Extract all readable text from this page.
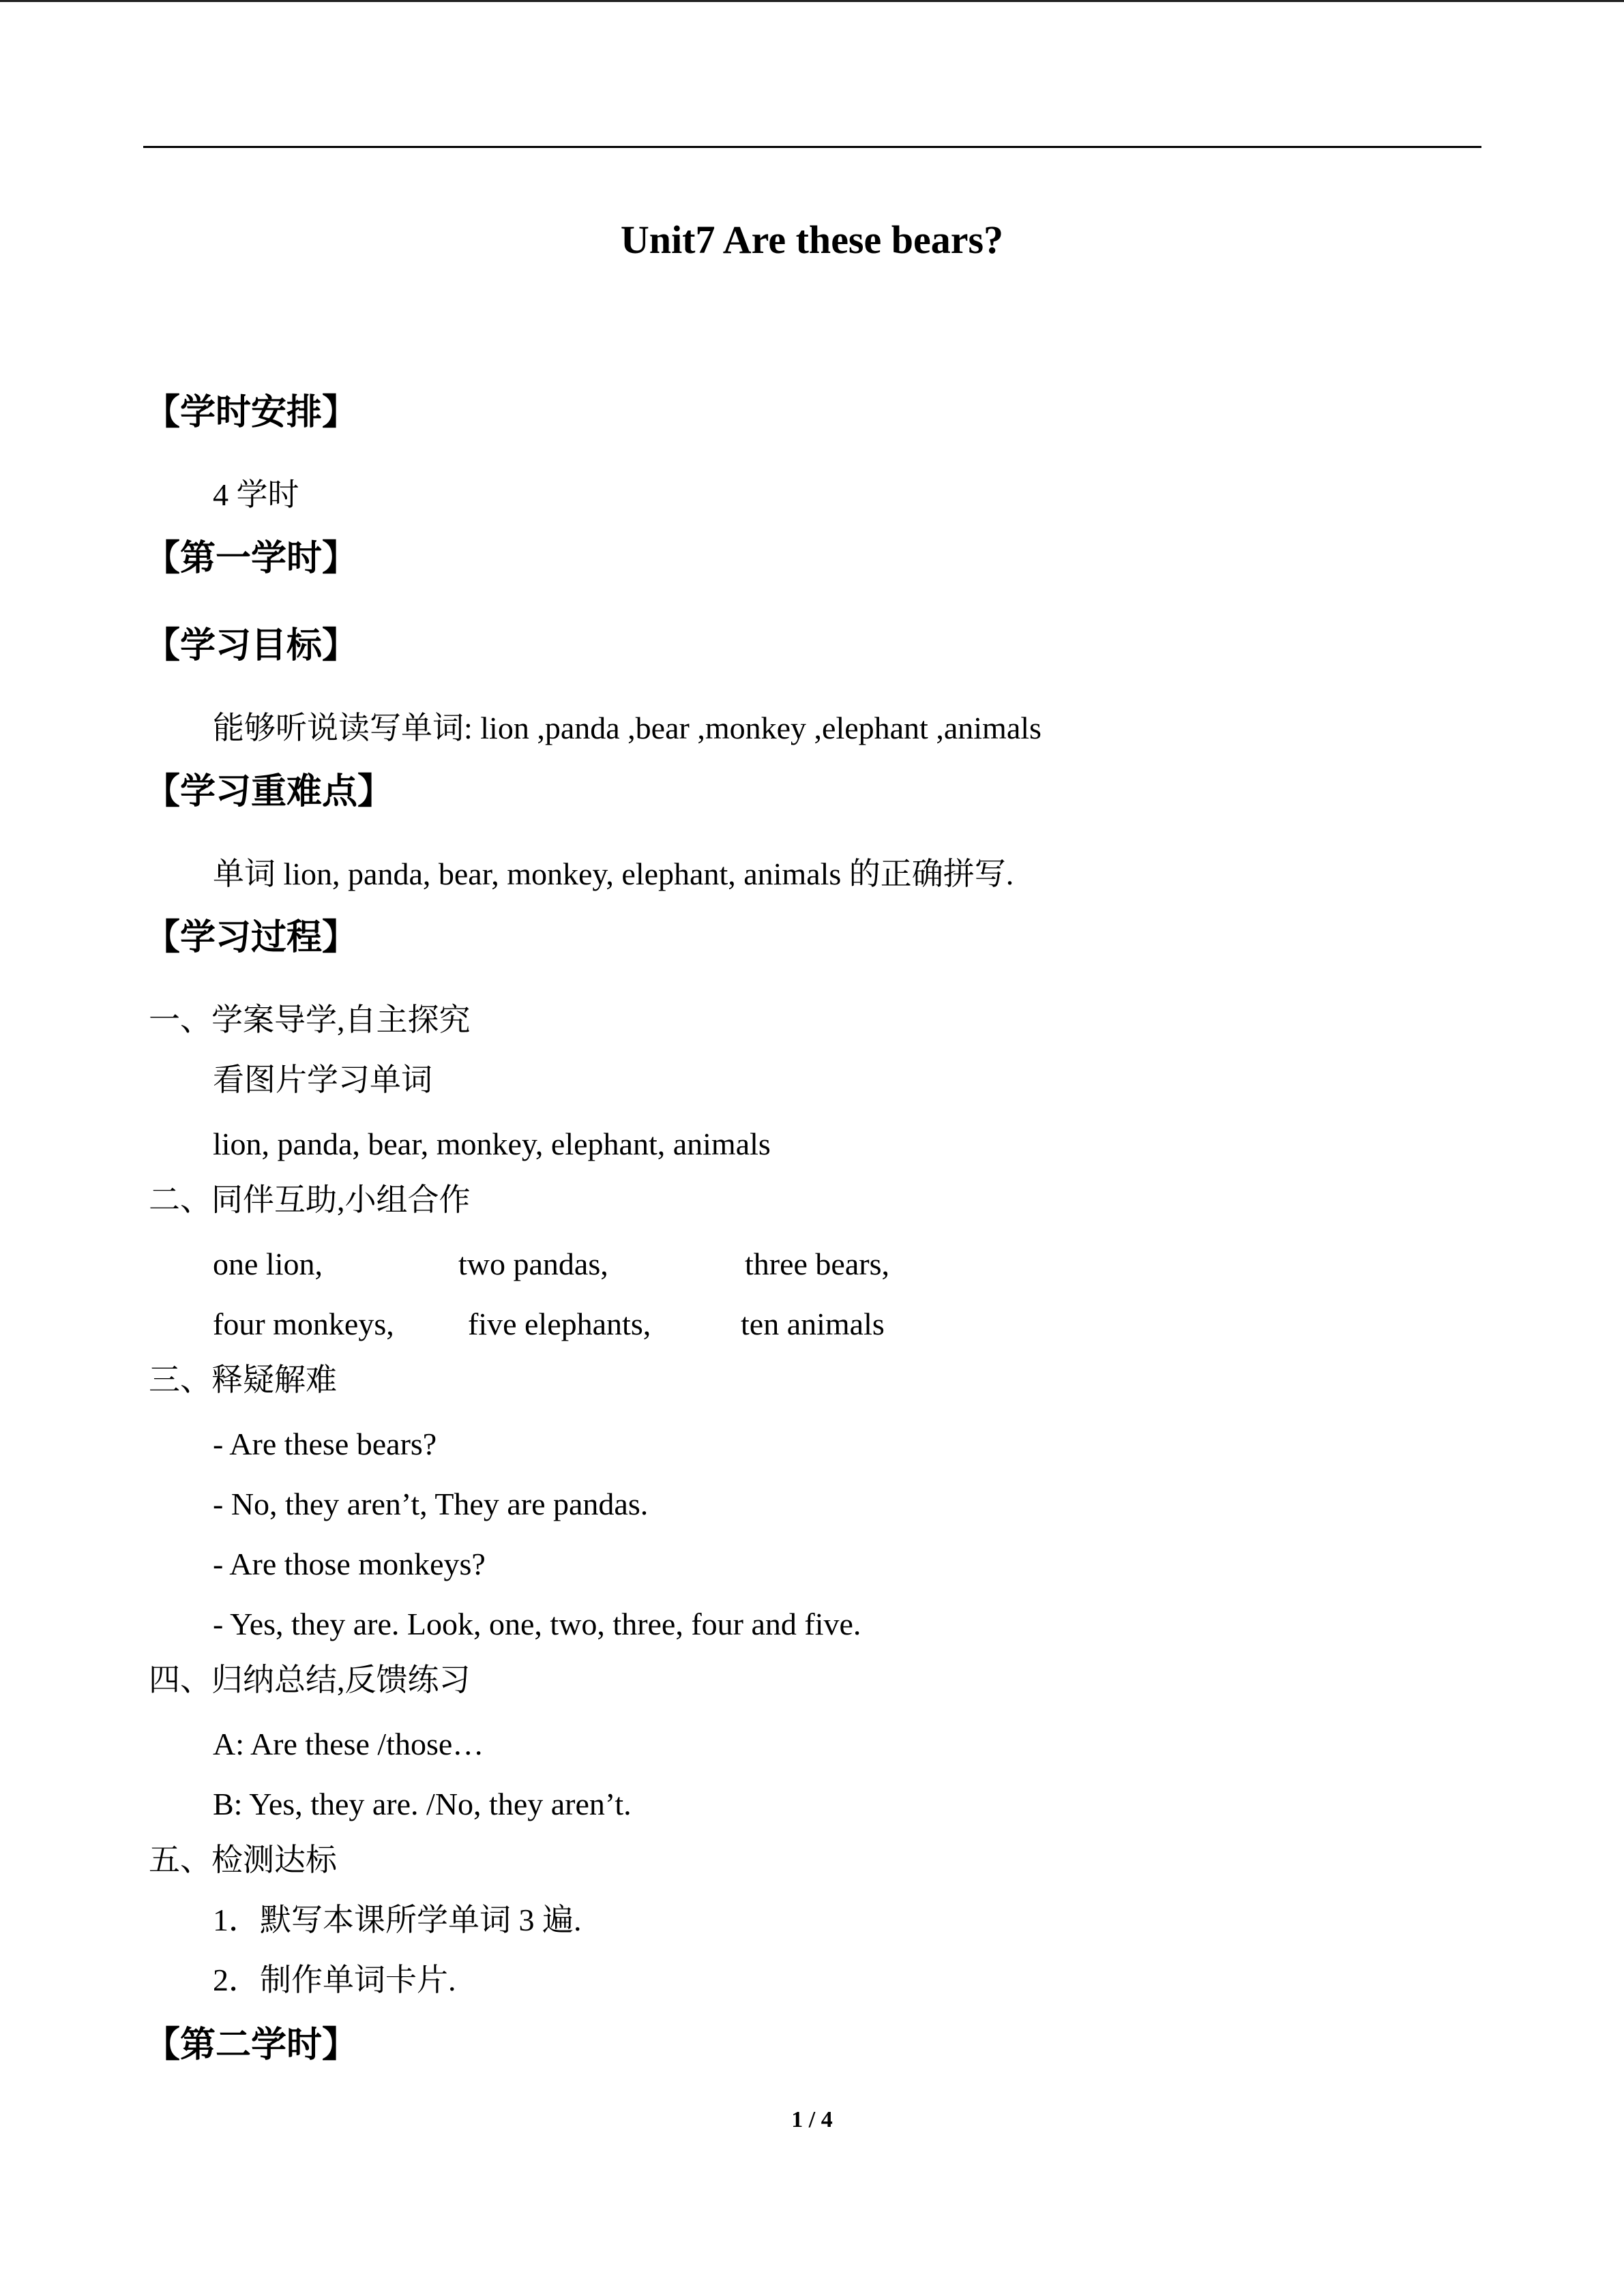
Unit7 Are these bears?
【学时安排】
4 学时
【第一学时】
【学习目标】
能够听说读写单词: lion ,panda ,bear ,monkey ,elephant ,animals
【学习重难点】
单词 lion, panda, bear, monkey, elephant, animals 的正确拼写.
【学习过程】
一、学案导学,自主探究
看图片学习单词
lion, panda, bear, monkey, elephant, animals
二、同伴互助,小组合作
one lion,	two pandas,	three bears,
four monkeys, five elephants,	ten animals
三、释疑解难
- Are these bears?
- No, they aren’t, They are pandas.
- Are those monkeys?
- Yes, they are. Look, one, two, three, four and five.
四、归纳总结,反馈练习
A: Are these /those…
B: Yes, they are. /No, they aren’t.
五、检测达标
1．默写本课所学单词 3 遍.
2．制作单词卡片.
【第二学时】
1 / 4
